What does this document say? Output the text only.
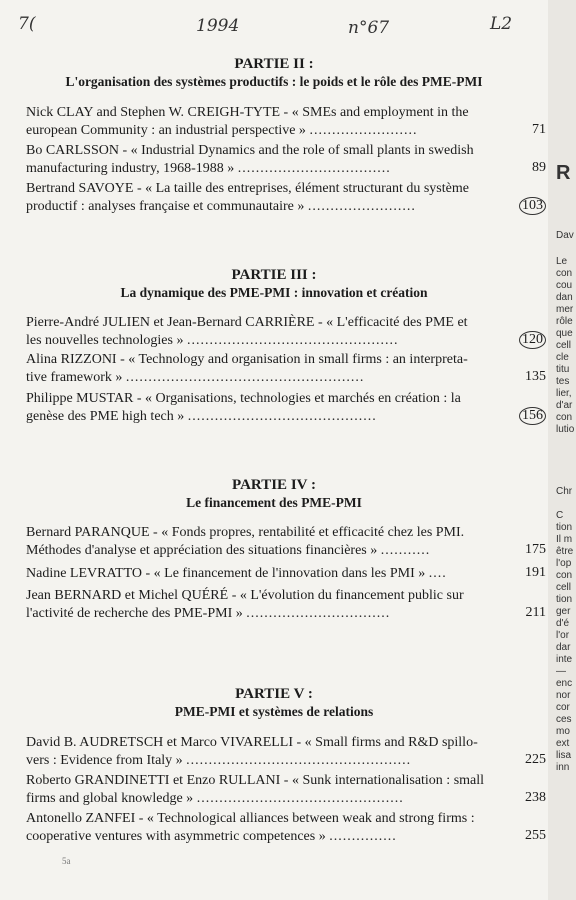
7(	1994	n°67	L2
PARTIE II :
L'organisation des systèmes productifs : le poids et le rôle des PME-PMI
Nick CLAY and Stephen W. CREIGH-TYTE - « SMEs and employment in the
european Community : an industrial perspective » ........................	71
Bo CARLSSON - « Industrial Dynamics and the role of small plants in swedish
manufacturing industry, 1968-1988 » ..................................	89
Bertrand SAVOYE - « La taille des entreprises, élément structurant du système
productif : analyses française et communautaire » ........................	103
PARTIE III :
La dynamique des PME-PMI : innovation et création
Pierre-André JULIEN et Jean-Bernard CARRIÈRE - « L'efficacité des PME et
les nouvelles technologies » ...............................................	120
Alina RIZZONI - « Technology and organisation in small firms : an interpreta-
tive framework » .....................................................	135
Philippe MUSTAR - « Organisations, technologies et marchés en création : la
genèse des PME high tech » ..........................................	156
PARTIE IV :
Le financement des PME-PMI
Bernard PARANQUE - « Fonds propres, rentabilité et efficacité chez les PMI.
Méthodes d'analyse et appréciation des situations financières » ...........	175
Nadine LEVRATTO - « Le financement de l'innovation dans les PMI » ....	191
Jean BERNARD et Michel QUÉRÉ - « L'évolution du financement public sur
l'activité de recherche des PME-PMI » ................................	211
PARTIE V :
PME-PMI et systèmes de relations
David B. AUDRETSCH et Marco VIVARELLI - « Small firms and R&D spillo-
vers : Evidence from Italy » ..................................................	225
Roberto GRANDINETTI et Enzo RULLANI - « Sunk internationalisation : small
firms and global knowledge » ..............................................	238
Antonello ZANFEI - « Technological alliances between weak and strong firms :
cooperative ventures with asymmetric competences » ...............	255
5a
R
Dav
Le
con
cou
dan
mer
rôle
que
cell
cle
titu
tes
lier,
d'ar
con
lutio
Chr
C
tion
Il m
être
l'op
con
cell
tion
ger
d'é
l'or
dar
inte
—
enc
nor
cor
ces
mo
ext
lisa
inn
